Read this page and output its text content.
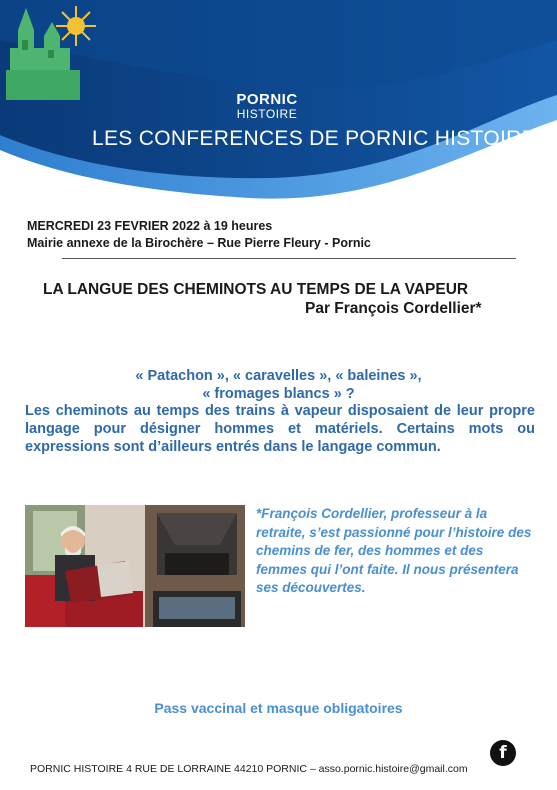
PORNIC
HISTOIRE
LES CONFERENCES DE PORNIC HISTOIRE
MERCREDI 23 FEVRIER 2022 à 19 heures
Mairie annexe de la Birochère – Rue Pierre Fleury - Pornic
LA LANGUE DES CHEMINOTS AU TEMPS DE LA VAPEUR
Par François Cordellier*
« Patachon », « caravelles », « baleines »,
« fromages blancs » ?
Les cheminots au temps des trains à vapeur disposaient de leur propre langage pour désigner hommes et matériels. Certains mots ou expressions sont d’ailleurs entrés dans le langage commun.
*François Cordellier, professeur à la retraite, s’est passionné pour l’histoire des chemins de fer, des hommes et des femmes qui l’ont faite. Il nous présentera ses découvertes.
Pass vaccinal et masque obligatoires
f
PORNIC HISTOIRE 4 RUE DE LORRAINE 44210 PORNIC – asso.pornic.histoire@gmail.com
